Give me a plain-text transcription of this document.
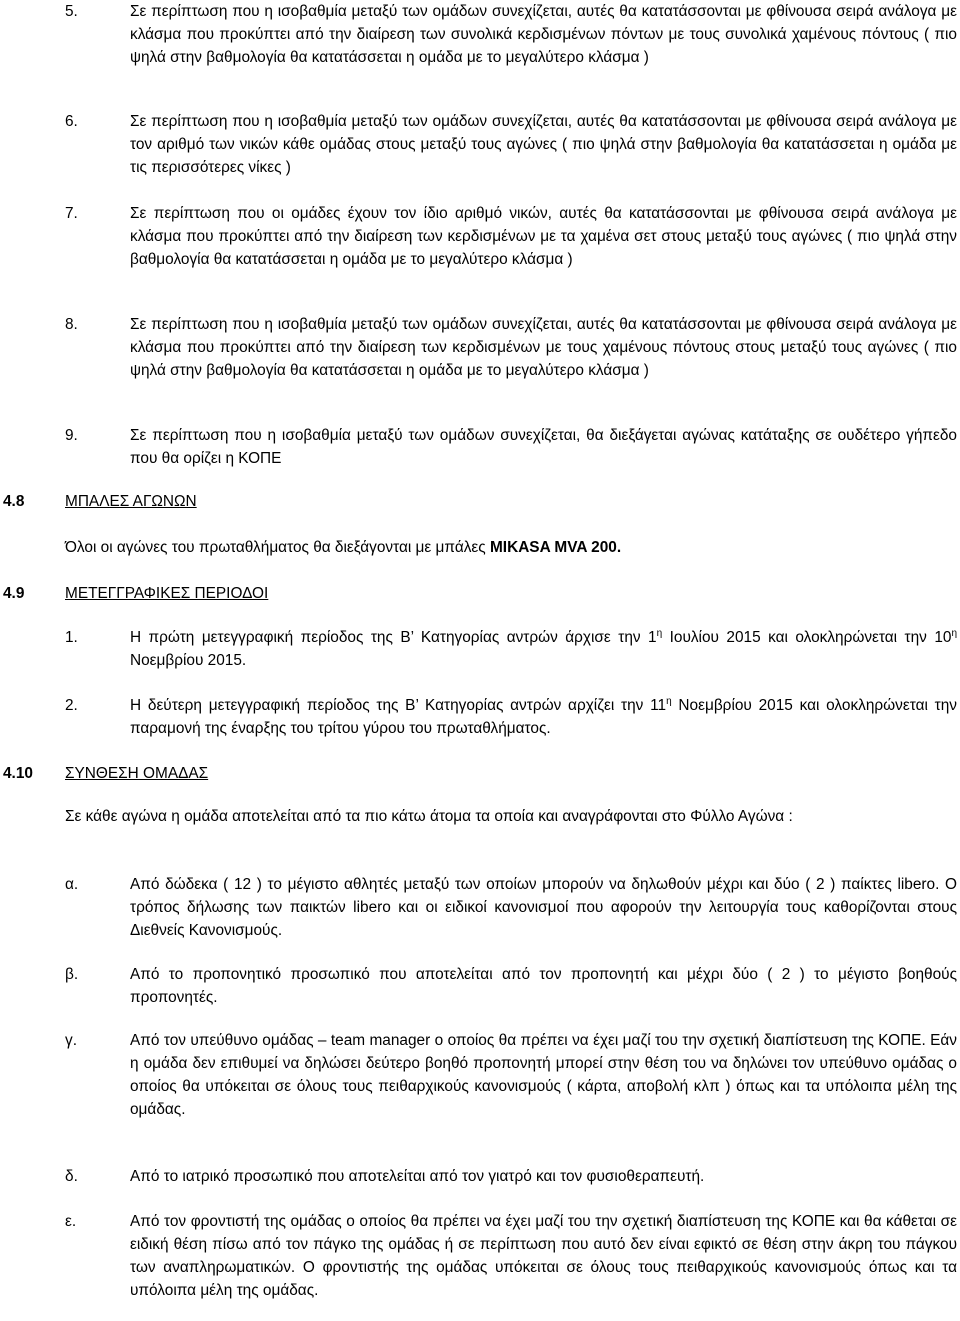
5.	Σε περίπτωση που η ισοβαθμία μεταξύ των ομάδων συνεχίζεται, αυτές θα κατατάσσονται με φθίνουσα σειρά ανάλογα με κλάσμα που προκύπτει από την διαίρεση των συνολικά κερδισμένων πόντων με τους συνολικά χαμένους πόντους ( πιο ψηλά στην βαθμολογία θα κατατάσσεται η ομάδα με το μεγαλύτερο κλάσμα )
6.	Σε περίπτωση που η ισοβαθμία μεταξύ των ομάδων συνεχίζεται, αυτές θα κατατάσσονται με φθίνουσα σειρά ανάλογα με τον αριθμό των νικών κάθε ομάδας στους μεταξύ τους αγώνες ( πιο ψηλά στην βαθμολογία θα κατατάσσεται η ομάδα με τις περισσότερες νίκες )
7.	Σε περίπτωση που οι ομάδες έχουν τον ίδιο αριθμό νικών, αυτές θα κατατάσσονται με φθίνουσα σειρά ανάλογα με κλάσμα που προκύπτει από την διαίρεση των κερδισμένων με τα χαμένα σετ στους μεταξύ τους αγώνες ( πιο ψηλά στην βαθμολογία θα κατατάσσεται η ομάδα με το μεγαλύτερο κλάσμα )
8.	Σε περίπτωση που η ισοβαθμία μεταξύ των ομάδων συνεχίζεται, αυτές θα κατατάσσονται με φθίνουσα σειρά ανάλογα με κλάσμα που προκύπτει από την διαίρεση των κερδισμένων με τους χαμένους πόντους στους μεταξύ τους αγώνες ( πιο ψηλά στην βαθμολογία θα κατατάσσεται η ομάδα με το μεγαλύτερο κλάσμα )
9.	Σε περίπτωση που η ισοβαθμία μεταξύ των ομάδων συνεχίζεται, θα διεξάγεται αγώνας κατάταξης σε ουδέτερο γήπεδο που θα ορίζει η ΚΟΠΕ
4.8	ΜΠΑΛΕΣ ΑΓΩΝΩΝ
Όλοι οι αγώνες του πρωταθλήματος θα διεξάγονται με μπάλες MIKASA MVA 200.
4.9	ΜΕΤΕΓΓΡΑΦΙΚΕΣ ΠΕΡΙΟΔΟΙ
1.	Η πρώτη μετεγγραφική περίοδος της Β’ Κατηγορίας αντρών άρχισε την $1^\eta$ Ιουλίου 2015 και ολοκληρώνεται την $10^\eta$ Νοεμβρίου 2015.
2.	Η δεύτερη μετεγγραφική περίοδος της Β’ Κατηγορίας αντρών αρχίζει την $11^\eta$ Νοεμβρίου 2015 και ολοκληρώνεται την παραμονή της έναρξης του τρίτου γύρου του πρωταθλήματος.
4.10 ΣΥΝΘΕΣΗ ΟΜΑΔΑΣ
Σε κάθε αγώνα η ομάδα αποτελείται από τα πιο κάτω άτομα τα οποία και αναγράφονται στο Φύλλο Αγώνα :
α.	Από δώδεκα ( 12 ) το μέγιστο αθλητές μεταξύ των οποίων μπορούν να δηλωθούν μέχρι και δύο ( 2 ) παίκτες libero. Ο τρόπος δήλωσης των παικτών libero και οι ειδικοί κανονισμοί που αφορούν την λειτουργία τους καθορίζονται στους Διεθνείς Κανονισμούς.
β.	Από το προπονητικό προσωπικό που αποτελείται από τον προπονητή και μέχρι δύο ( 2 ) το μέγιστο βοηθούς προπονητές.
γ.	Από τον υπεύθυνο ομάδας – team manager ο οποίος θα πρέπει να έχει μαζί του την σχετική διαπίστευση της ΚΟΠΕ. Εάν η ομάδα δεν επιθυμεί να δηλώσει δεύτερο βοηθό προπονητή μπορεί στην θέση του να δηλώνει τον υπεύθυνο ομάδας ο οποίος θα υπόκειται σε όλους τους πειθαρχικούς κανονισμούς ( κάρτα, αποβολή κλπ ) όπως και τα υπόλοιπα μέλη της ομάδας.
δ.	Από το ιατρικό προσωπικό που αποτελείται από τον γιατρό και τον φυσιοθεραπευτή.
ε.	Από τον φροντιστή της ομάδας ο οποίος θα πρέπει να έχει μαζί του την σχετική διαπίστευση της ΚΟΠΕ και θα κάθεται σε ειδική θέση πίσω από τον πάγκο της ομάδας ή σε περίπτωση που αυτό δεν είναι εφικτό σε θέση στην άκρη του πάγκου των αναπληρωματικών. Ο φροντιστής της ομάδας υπόκειται σε όλους τους πειθαρχικούς κανονισμούς όπως και τα υπόλοιπα μέλη της ομάδας.
